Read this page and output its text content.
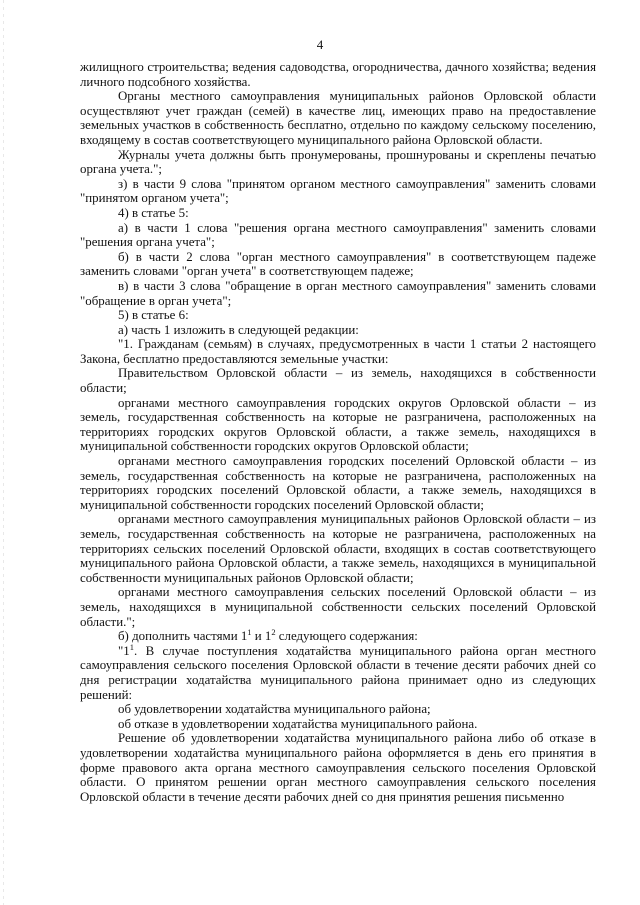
4

жилищного строительства; ведения садоводства, огородничества, дачного хозяйства; ведения личного подсобного хозяйства.

Органы местного самоуправления муниципальных районов Орловской области осуществляют учет граждан (семей) в качестве лиц, имеющих право на предоставление земельных участков в собственность бесплатно, отдельно по каждому сельскому поселению, входящему в состав соответствующего муниципального района Орловской области.

Журналы учета должны быть пронумерованы, прошнурованы и скреплены печатью органа учета.";

з) в части 9 слова "принятом органом местного самоуправления" заменить словами "принятом органом учета";

4) в статье 5:

а) в части 1 слова "решения органа местного самоуправления" заменить словами "решения органа учета";

б) в части 2 слова "орган местного самоуправления" в соответствующем падеже заменить словами "орган учета" в соответствующем падеже;

в) в части 3 слова "обращение в орган местного самоуправления" заменить словами "обращение в орган учета";

5) в статье 6:

а) часть 1 изложить в следующей редакции:

"1. Гражданам (семьям) в случаях, предусмотренных в части 1 статьи 2 настоящего Закона, бесплатно предоставляются земельные участки:

Правительством Орловской области – из земель, находящихся в собственности области;

органами местного самоуправления городских округов Орловской области – из земель, государственная собственность на которые не разграничена, расположенных на территориях городских округов Орловской области, а также земель, находящихся в муниципальной собственности городских округов Орловской области;

органами местного самоуправления городских поселений Орловской области – из земель, государственная собственность на которые не разграничена, расположенных на территориях городских поселений Орловской области, а также земель, находящихся в муниципальной собственности городских поселений Орловской области;

органами местного самоуправления муниципальных районов Орловской области – из земель, государственная собственность на которые не разграничена, расположенных на территориях сельских поселений Орловской области, входящих в состав соответствующего муниципального района Орловской области, а также земель, находящихся в муниципальной собственности муниципальных районов Орловской области;

органами местного самоуправления сельских поселений Орловской области – из земель, находящихся в муниципальной собственности сельских поселений Орловской области.";

б) дополнить частями $1^1$ и $1^2$ следующего содержания:

"$1^1$. В случае поступления ходатайства муниципального района орган местного самоуправления сельского поселения Орловской области в течение десяти рабочих дней со дня регистрации ходатайства муниципального района принимает одно из следующих решений:

об удовлетворении ходатайства муниципального района;

об отказе в удовлетворении ходатайства муниципального района.

Решение об удовлетворении ходатайства муниципального района либо об отказе в удовлетворении ходатайства муниципального района оформляется в день его принятия в форме правового акта органа местного самоуправления сельского поселения Орловской области. О принятом решении орган местного самоуправления сельского поселения Орловской области в течение десяти рабочих дней со дня принятия решения письменно
